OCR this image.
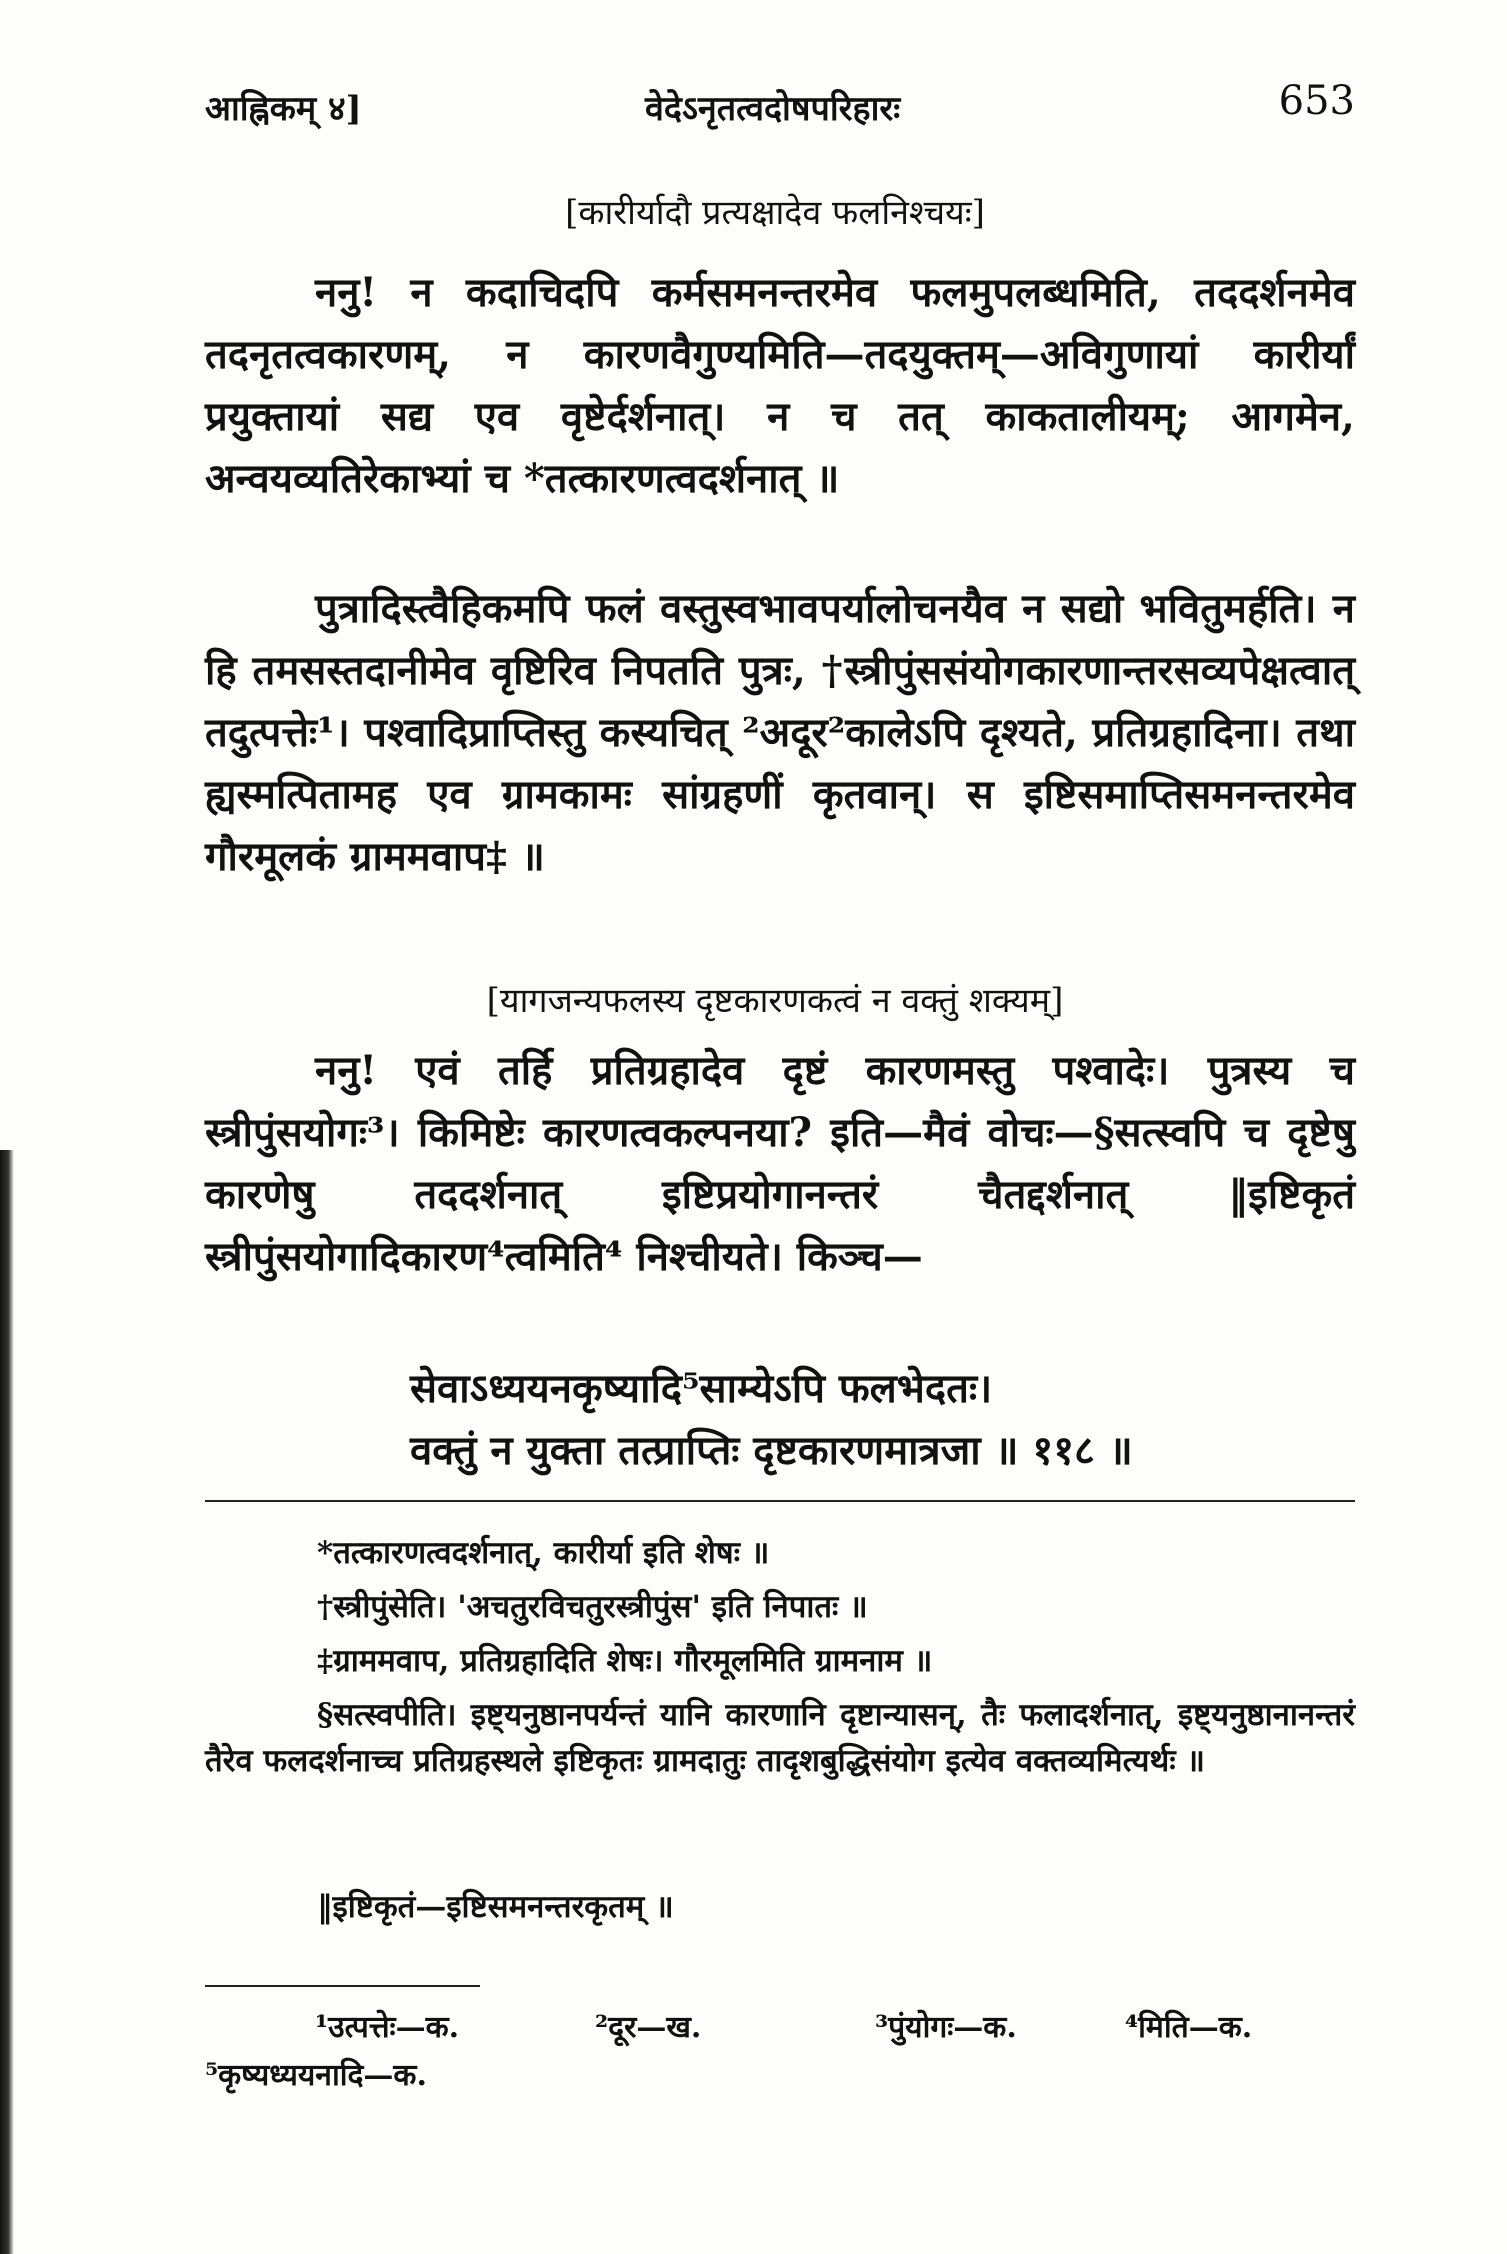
आह्निकम् ४]	वेदेऽनृतत्वदोषपरिहारः	653
[कारीर्यादौ प्रत्यक्षादेव फलनिश्चयः]

ननु! न कदाचिदपि कर्मसमनन्तरमेव फलमुपलब्धमिति, तददर्शनमेव तदनृतत्वकारणम्, न कारणवैगुण्यमिति—तदयुक्तम्—अविगुणायां कारीर्यां प्रयुक्तायां सद्य एव वृष्टेर्दर्शनात्। न च तत् काकतालीयम्; आगमेन, अन्वयव्यतिरेकाभ्यां च *तत्कारणत्वदर्शनात् ॥

पुत्रादिस्त्वैहिकमपि फलं वस्तुस्वभावपर्यालोचनयैव न सद्यो भवितुमर्हति। न हि तमसस्तदानीमेव वृष्टिरिव निपतति पुत्रः, †स्त्रीपुंससंयोगकारणान्तरसव्यपेक्षत्वात् तदुत्पत्तेः¹। पश्वादिप्राप्तिस्तु कस्यचित् ²अदूर²कालेऽपि दृश्यते, प्रतिग्रहादिना। तथा ह्यस्मत्पितामह एव ग्रामकामः सांग्रहणीं कृतवान्। स इष्टिसमाप्तिसमनन्तरमेव गौरमूलकं ग्राममवाप‡ ॥

[यागजन्यफलस्य दृष्टकारणकत्वं न वक्तुं शक्यम्]

ननु! एवं तर्हि प्रतिग्रहादेव दृष्टं कारणमस्तु पश्वादेः। पुत्रस्य च स्त्रीपुंसयोगः³। किमिष्टेः कारणत्वकल्पनया? इति—मैवं वोचः—§सत्स्वपि च दृष्टेषु कारणेषु तददर्शनात् इष्टिप्रयोगानन्तरं चैतद्दर्शनात् ‖इष्टिकृतं स्त्रीपुंसयोगादिकारण⁴त्वमिति⁴ निश्चीयते। किञ्च—

सेवाऽध्ययनकृष्यादि⁵साम्येऽपि फलभेदतः।
वक्तुं न युक्ता तत्प्राप्तिः दृष्टकारणमात्रजा ॥ ११८ ॥
*तत्कारणत्वदर्शनात्, कारीर्या इति शेषः ॥
†स्त्रीपुंसेति। 'अचतुरविचतुरस्त्रीपुंस' इति निपातः ॥
‡ग्राममवाप, प्रतिग्रहादिति शेषः। गौरमूलमिति ग्रामनाम ॥
§सत्स्वपीति। इष्ट्यनुष्ठानपर्यन्तं यानि कारणानि दृष्टान्यासन्, तैः फलादर्शनात्, इष्ट्यनुष्ठानानन्तरं तैरेव फलदर्शनाच्च प्रतिग्रहस्थले इष्टिकृतः ग्रामदातुः तादृशबुद्धिसंयोग इत्येव वक्तव्यमित्यर्थः ॥
‖इष्टिकृतं—इष्टिसमनन्तरकृतम् ॥
¹उत्पत्तेः—क.	²दूर—ख.	³पुंयोगः—क.	⁴मिति—क.
⁵कृष्यध्ययनादि—क.
